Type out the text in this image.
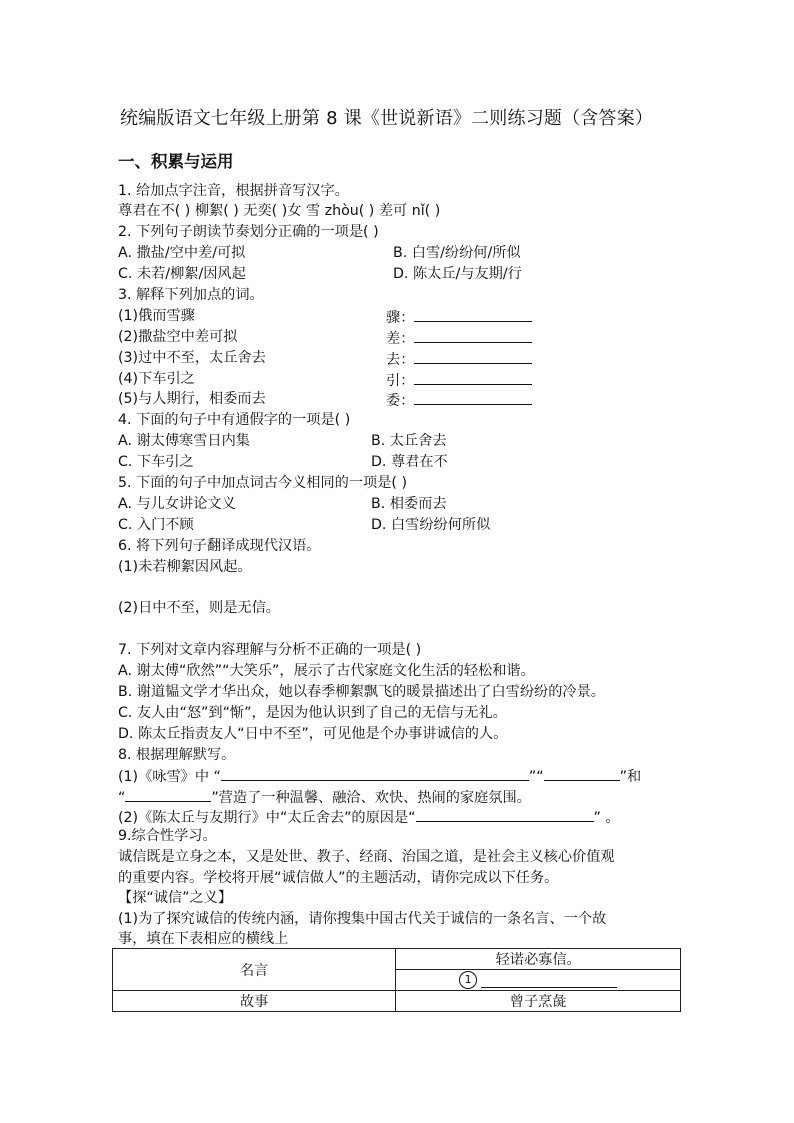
统编版语文七年级上册第 8 课《世说新语》二则练习题（含答案）
一、积累与运用
1. 给加点字注音，根据拼音写汉字。
尊君在不( ) 柳絮( ) 无奕( )女 雪 zhòu( ) 差可 nǐ( )
2. 下列句子朗读节奏划分正确的一项是( )
A. 撒盐/空中差/可拟	B. 白雪/纷纷何/所似
C. 未若/柳絮/因风起	D. 陈太丘/与友期/行
3. 解释下列加点的词。
(1)俄而雪骤	骤：
(2)撒盐空中差可拟	差：
(3)过中不至，太丘舍去	去：
(4)下车引之	引：
(5)与人期行，相委而去	委：
4. 下面的句子中有通假字的一项是( )
A. 谢太傅寒雪日内集	B. 太丘舍去
C. 下车引之	D. 尊君在不
5. 下面的句子中加点词古今义相同的一项是( )
A. 与儿女讲论文义	B. 相委而去
C. 入门不顾	D. 白雪纷纷何所似
6. 将下列句子翻译成现代汉语。
(1)未若柳絮因风起。
(2)日中不至，则是无信。
7. 下列对文章内容理解与分析不正确的一项是( )
A. 谢太傅“欣然”“大笑乐”，展示了古代家庭文化生活的轻松和谐。
B. 谢道韫文学才华出众，她以春季柳絮飘飞的暖景描述出了白雪纷纷的冷景。
C. 友人由“怒”到“惭”，是因为他认识到了自己的无信与无礼。
D. 陈太丘指责友人“日中不至”，可见他是个办事讲诚信的人。
8. 根据理解默写。
(1)《咏雪》中 “	”“	”和
“	”营造了一种温馨、融洽、欢快、热闹的家庭氛围。
(2)《陈太丘与友期行》中“太丘舍去”的原因是“	” 。
9.综合性学习。
诚信既是立身之本，又是处世、教子、经商、治国之道，是社会主义核心价值观
的重要内容。学校将开展“诚信做人”的主题活动，请你完成以下任务。
【探“诚信”之义】
(1)为了探究诚信的传统内涵，请你搜集中国古代关于诚信的一条名言、一个故
事，填在下表相应的横线上
名言	轻诺必寡信。
	1
故事	曾子烹彘
